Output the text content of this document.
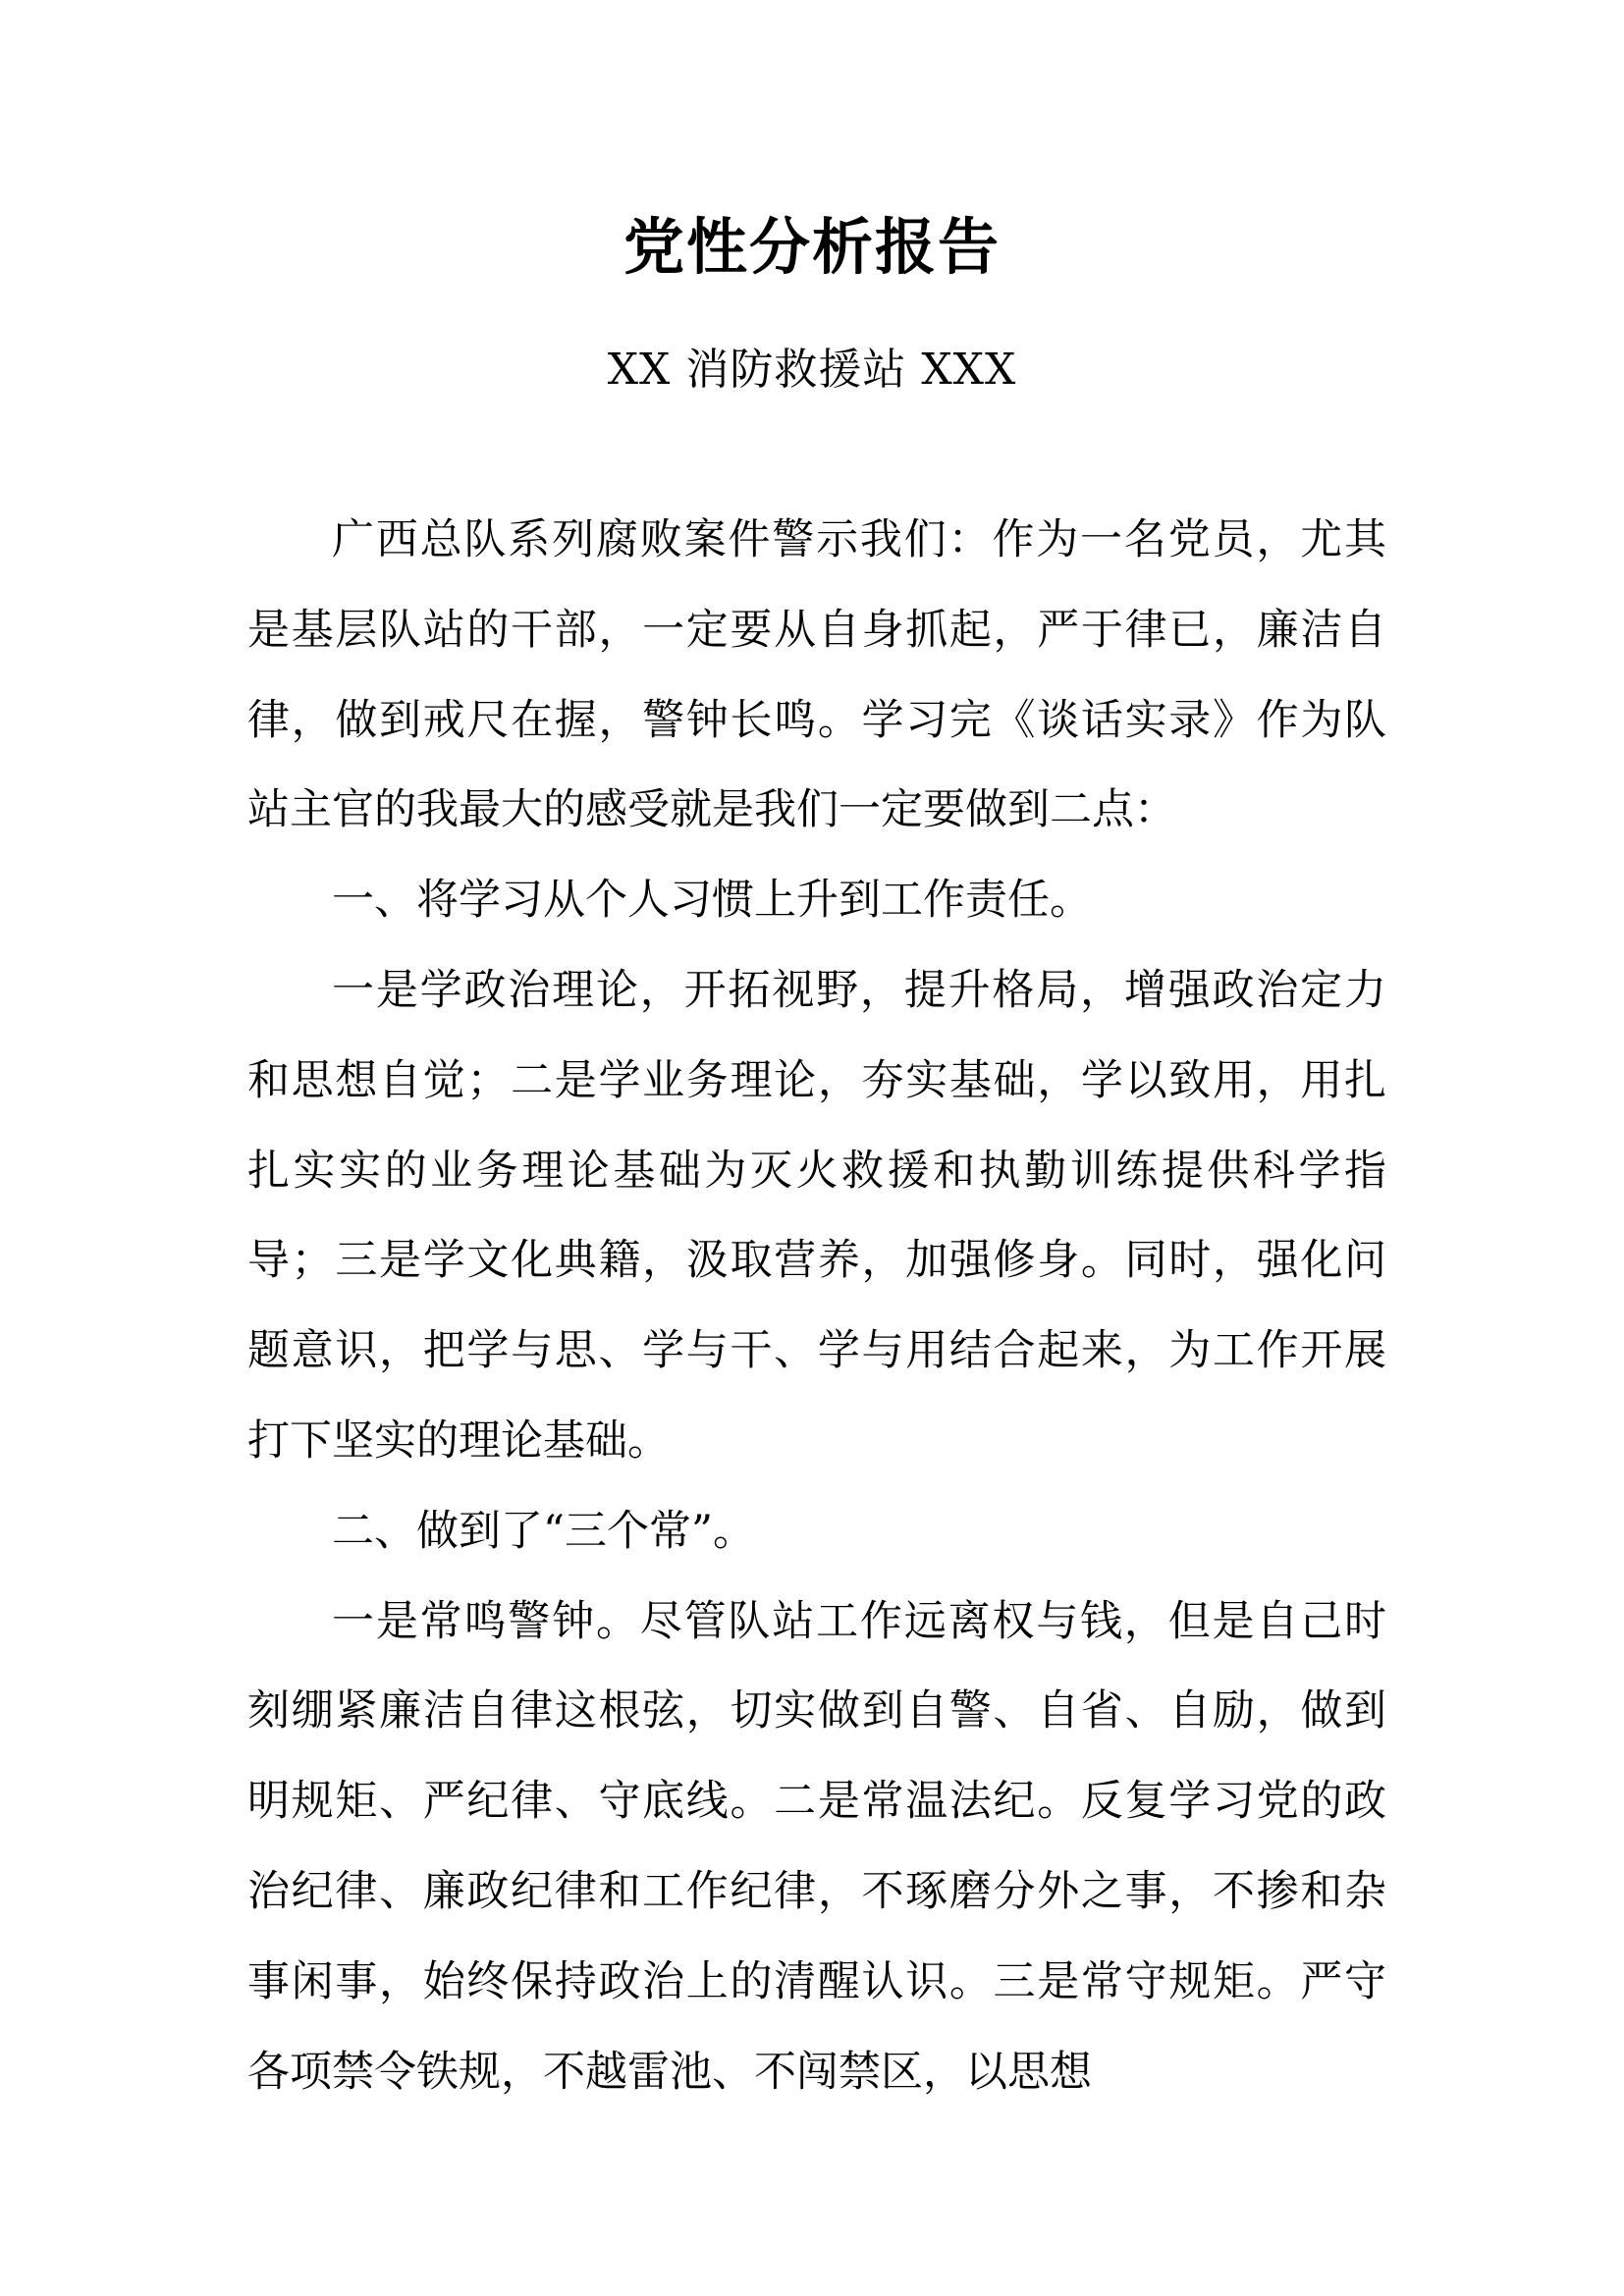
党性分析报告
XX 消防救援站 XXX

广西总队系列腐败案件警示我们：作为一名党员，尤其是基层队站的干部，一定要从自身抓起，严于律已，廉洁自律，做到戒尺在握，警钟长鸣。学习完《谈话实录》作为队站主官的我最大的感受就是我们一定要做到二点：

一、将学习从个人习惯上升到工作责任。

一是学政治理论，开拓视野，提升格局，增强政治定力和思想自觉；二是学业务理论，夯实基础，学以致用，用扎扎实实的业务理论基础为灭火救援和执勤训练提供科学指导；三是学文化典籍，汲取营养，加强修身。同时，强化问题意识，把学与思、学与干、学与用结合起来，为工作开展打下坚实的理论基础。

二、做到了“三个常”。

一是常鸣警钟。尽管队站工作远离权与钱，但是自己时刻绷紧廉洁自律这根弦，切实做到自警、自省、自励，做到明规矩、严纪律、守底线。二是常温法纪。反复学习党的政治纪律、廉政纪律和工作纪律，不琢磨分外之事，不掺和杂事闲事，始终保持政治上的清醒认识。三是常守规矩。严守各项禁令铁规，不越雷池、不闯禁区，以思想
